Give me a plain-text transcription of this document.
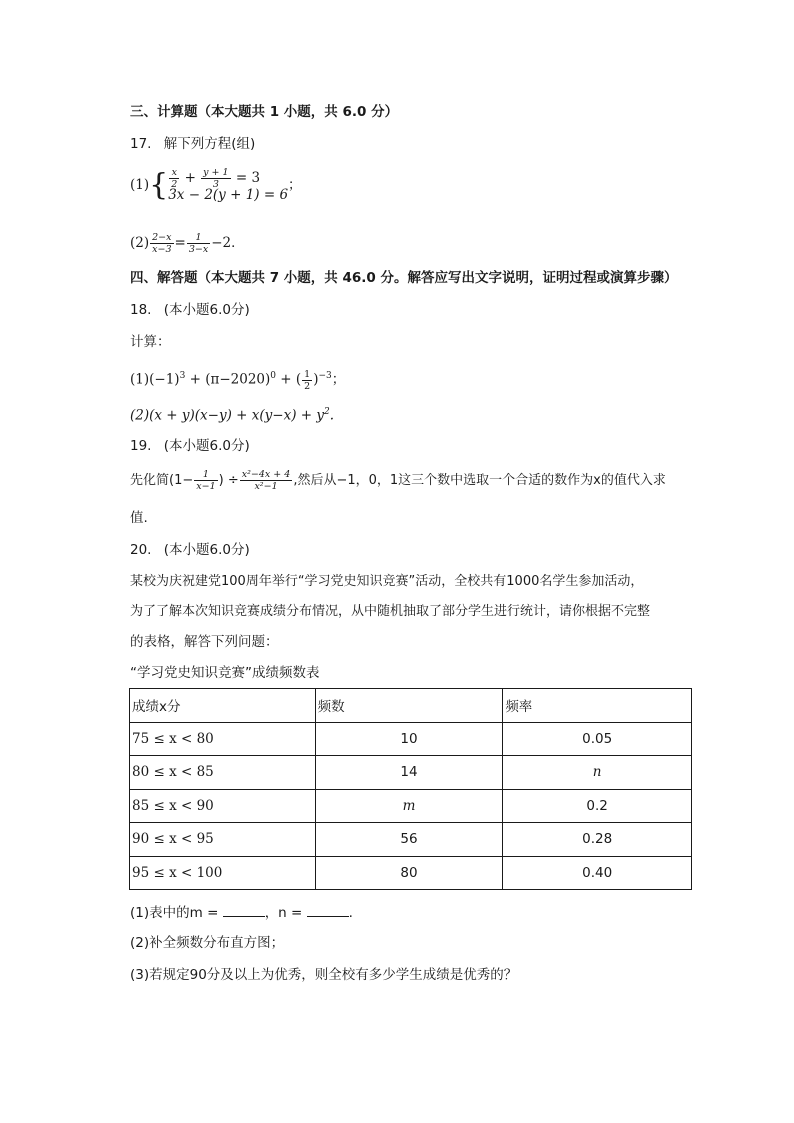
三、计算题（本大题共 1 小题，共 6.0 分）
17. 解下列方程(组)
$(1)\{ \frac{x}{2} + \frac{y + 1}{3} = 3$
3x − 2(y + 1) = 6
；
$(2) \frac{2-x}{x-3} = \frac{1}{3-x} -2$．
四、解答题（本大题共 7 小题，共 46.0 分。解答应写出文字说明，证明过程或演算步骤）
18. (本小题6.0分)
计算：
$(1)(-1)^3 + (\pi-2020)^0$ + ( $\frac{1}{2} )^{-3}$；
$(2)(x + y)(x-y) + x(y-x) + y^2$.
19. (本小题6.0分)
先化简($1- \frac{1}{x-1}$ ) ÷ $\frac{\text{x²−4x + 4}}{\text{x²−1}}$ ,然后从−1，0，1这三个数中选取一个合适的数作为x的值代入求
值.
20. (本小题6.0分)
某校为庆祝建党100周年举行“学习党史知识竞赛”活动，全校共有1000名学生参加活动，
为了了解本次知识竞赛成绩分布情况，从中随机抽取了部分学生进行统计，请你根据不完整
的表格，解答下列问题：
“学习党史知识竞赛”成绩频数表
成绩x分	频数	频率
75 ≤ x < 80	10	0.05
80 ≤ x < 85	14	n
85 ≤ x < 90	m	0.2
90 ≤ x < 95	56	0.28
95 ≤ x < 100	80	0.40
(1)表中的m =	，n =	.
(2)补全频数分布直方图；
(3)若规定90分及以上为优秀，则全校有多少学生成绩是优秀的？
